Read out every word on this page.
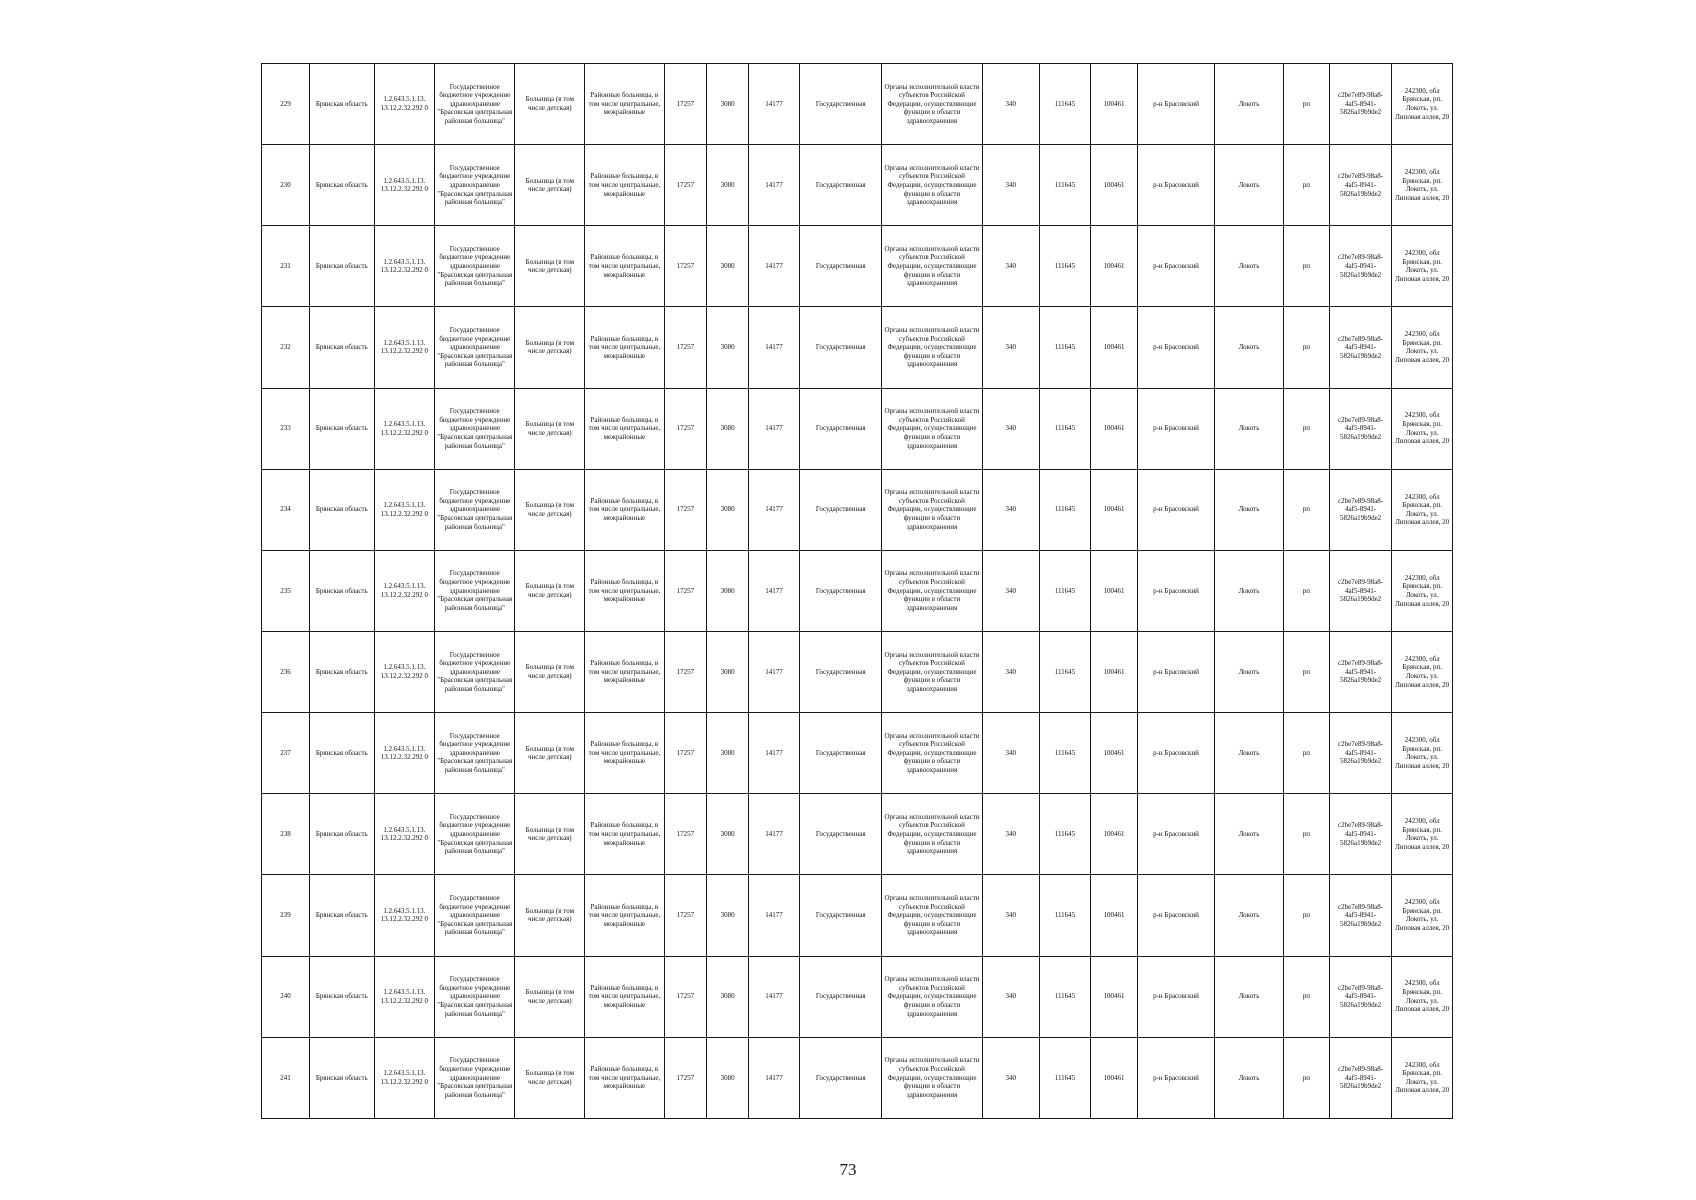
229	Брянская область	1.2.643.5.1.13. 13.12.2.32.292 0	Государственное бюджетное учреждение здравоохранение "Брасовская центральная районная больница"	Больница (в том числе детская)	Районные больницы, в том числе центральные, межрайонные	17257	3080	14177	Государственная	Органы исполнительной власти субъектов Российской Федерации, осуществляющие функции в области здравоохранения	340	111645	100461	р-н Брасовский	Локоть	рп	c2be7e89-98a8-4af5-8941-5826a19b9de2	242300, обл Брянская, рп. Локоть, ул. Липовая аллея, 20
230	Брянская область	1.2.643.5.1.13. 13.12.2.32.292 0	Государственное бюджетное учреждение здравоохранение "Брасовская центральная районная больница"	Больница (в том числе детская)	Районные больницы, в том числе центральные, межрайонные	17257	3080	14177	Государственная	Органы исполнительной власти субъектов Российской Федерации, осуществляющие функции в области здравоохранения	340	111645	100461	р-н Брасовский	Локоть	рп	c2be7e89-98a8-4af5-8941-5826a19b9de2	242300, обл Брянская, рп. Локоть, ул. Липовая аллея, 20
231	Брянская область	1.2.643.5.1.13. 13.12.2.32.292 0	Государственное бюджетное учреждение здравоохранение "Брасовская центральная районная больница"	Больница (в том числе детская)	Районные больницы, в том числе центральные, межрайонные	17257	3080	14177	Государственная	Органы исполнительной власти субъектов Российской Федерации, осуществляющие функции в области здравоохранения	340	111645	100461	р-н Брасовский	Локоть	рп	c2be7e89-98a8-4af5-8941-5826a19b9de2	242300, обл Брянская, рп. Локоть, ул. Липовая аллея, 20
232	Брянская область	1.2.643.5.1.13. 13.12.2.32.292 0	Государственное бюджетное учреждение здравоохранение "Брасовская центральная районная больница"	Больница (в том числе детская)	Районные больницы, в том числе центральные, межрайонные	17257	3080	14177	Государственная	Органы исполнительной власти субъектов Российской Федерации, осуществляющие функции в области здравоохранения	340	111645	100461	р-н Брасовский	Локоть	рп	c2be7e89-98a8-4af5-8941-5826a19b9de2	242300, обл Брянская, рп. Локоть, ул. Липовая аллея, 20
233	Брянская область	1.2.643.5.1.13. 13.12.2.32.292 0	Государственное бюджетное учреждение здравоохранение "Брасовская центральная районная больница"	Больница (в том числе детская)	Районные больницы, в том числе центральные, межрайонные	17257	3080	14177	Государственная	Органы исполнительной власти субъектов Российской Федерации, осуществляющие функции в области здравоохранения	340	111645	100461	р-н Брасовский	Локоть	рп	c2be7e89-98a8-4af5-8941-5826a19b9de2	242300, обл Брянская, рп. Локоть, ул. Липовая аллея, 20
234	Брянская область	1.2.643.5.1.13. 13.12.2.32.292 0	Государственное бюджетное учреждение здравоохранение "Брасовская центральная районная больница"	Больница (в том числе детская)	Районные больницы, в том числе центральные, межрайонные	17257	3080	14177	Государственная	Органы исполнительной власти субъектов Российской Федерации, осуществляющие функции в области здравоохранения	340	111645	100461	р-н Брасовский	Локоть	рп	c2be7e89-98a8-4af5-8941-5826a19b9de2	242300, обл Брянская, рп. Локоть, ул. Липовая аллея, 20
235	Брянская область	1.2.643.5.1.13. 13.12.2.32.292 0	Государственное бюджетное учреждение здравоохранение "Брасовская центральная районная больница"	Больница (в том числе детская)	Районные больницы, в том числе центральные, межрайонные	17257	3080	14177	Государственная	Органы исполнительной власти субъектов Российской Федерации, осуществляющие функции в области здравоохранения	340	111645	100461	р-н Брасовский	Локоть	рп	c2be7e89-98a8-4af5-8941-5826a19b9de2	242300, обл Брянская, рп. Локоть, ул. Липовая аллея, 20
236	Брянская область	1.2.643.5.1.13. 13.12.2.32.292 0	Государственное бюджетное учреждение здравоохранение "Брасовская центральная районная больница"	Больница (в том числе детская)	Районные больницы, в том числе центральные, межрайонные	17257	3080	14177	Государственная	Органы исполнительной власти субъектов Российской Федерации, осуществляющие функции в области здравоохранения	340	111645	100461	р-н Брасовский	Локоть	рп	c2be7e89-98a8-4af5-8941-5826a19b9de2	242300, обл Брянская, рп. Локоть, ул. Липовая аллея, 20
237	Брянская область	1.2.643.5.1.13. 13.12.2.32.292 0	Государственное бюджетное учреждение здравоохранение "Брасовская центральная районная больница"	Больница (в том числе детская)	Районные больницы, в том числе центральные, межрайонные	17257	3080	14177	Государственная	Органы исполнительной власти субъектов Российской Федерации, осуществляющие функции в области здравоохранения	340	111645	100461	р-н Брасовский	Локоть	рп	c2be7e89-98a8-4af5-8941-5826a19b9de2	242300, обл Брянская, рп. Локоть, ул. Липовая аллея, 20
238	Брянская область	1.2.643.5.1.13. 13.12.2.32.292 0	Государственное бюджетное учреждение здравоохранение "Брасовская центральная районная больница"	Больница (в том числе детская)	Районные больницы, в том числе центральные, межрайонные	17257	3080	14177	Государственная	Органы исполнительной власти субъектов Российской Федерации, осуществляющие функции в области здравоохранения	340	111645	100461	р-н Брасовский	Локоть	рп	c2be7e89-98a8-4af5-8941-5826a19b9de2	242300, обл Брянская, рп. Локоть, ул. Липовая аллея, 20
239	Брянская область	1.2.643.5.1.13. 13.12.2.32.292 0	Государственное бюджетное учреждение здравоохранение "Брасовская центральная районная больница"	Больница (в том числе детская)	Районные больницы, в том числе центральные, межрайонные	17257	3080	14177	Государственная	Органы исполнительной власти субъектов Российской Федерации, осуществляющие функции в области здравоохранения	340	111645	100461	р-н Брасовский	Локоть	рп	c2be7e89-98a8-4af5-8941-5826a19b9de2	242300, обл Брянская, рп. Локоть, ул. Липовая аллея, 20
240	Брянская область	1.2.643.5.1.13. 13.12.2.32.292 0	Государственное бюджетное учреждение здравоохранение "Брасовская центральная районная больница"	Больница (в том числе детская)	Районные больницы, в том числе центральные, межрайонные	17257	3080	14177	Государственная	Органы исполнительной власти субъектов Российской Федерации, осуществляющие функции в области здравоохранения	340	111645	100461	р-н Брасовский	Локоть	рп	c2be7e89-98a8-4af5-8941-5826a19b9de2	242300, обл Брянская, рп. Локоть, ул. Липовая аллея, 20
241	Брянская область	1.2.643.5.1.13. 13.12.2.32.292 0	Государственное бюджетное учреждение здравоохранение "Брасовская центральная районная больница"	Больница (в том числе детская)	Районные больницы, в том числе центральные, межрайонные	17257	3080	14177	Государственная	Органы исполнительной власти субъектов Российской Федерации, осуществляющие функции в области здравоохранения	340	111645	100461	р-н Брасовский	Локоть	рп	c2be7e89-98a8-4af5-8941-5826a19b9de2	242300, обл Брянская, рп. Локоть, ул. Липовая аллея, 20
73
